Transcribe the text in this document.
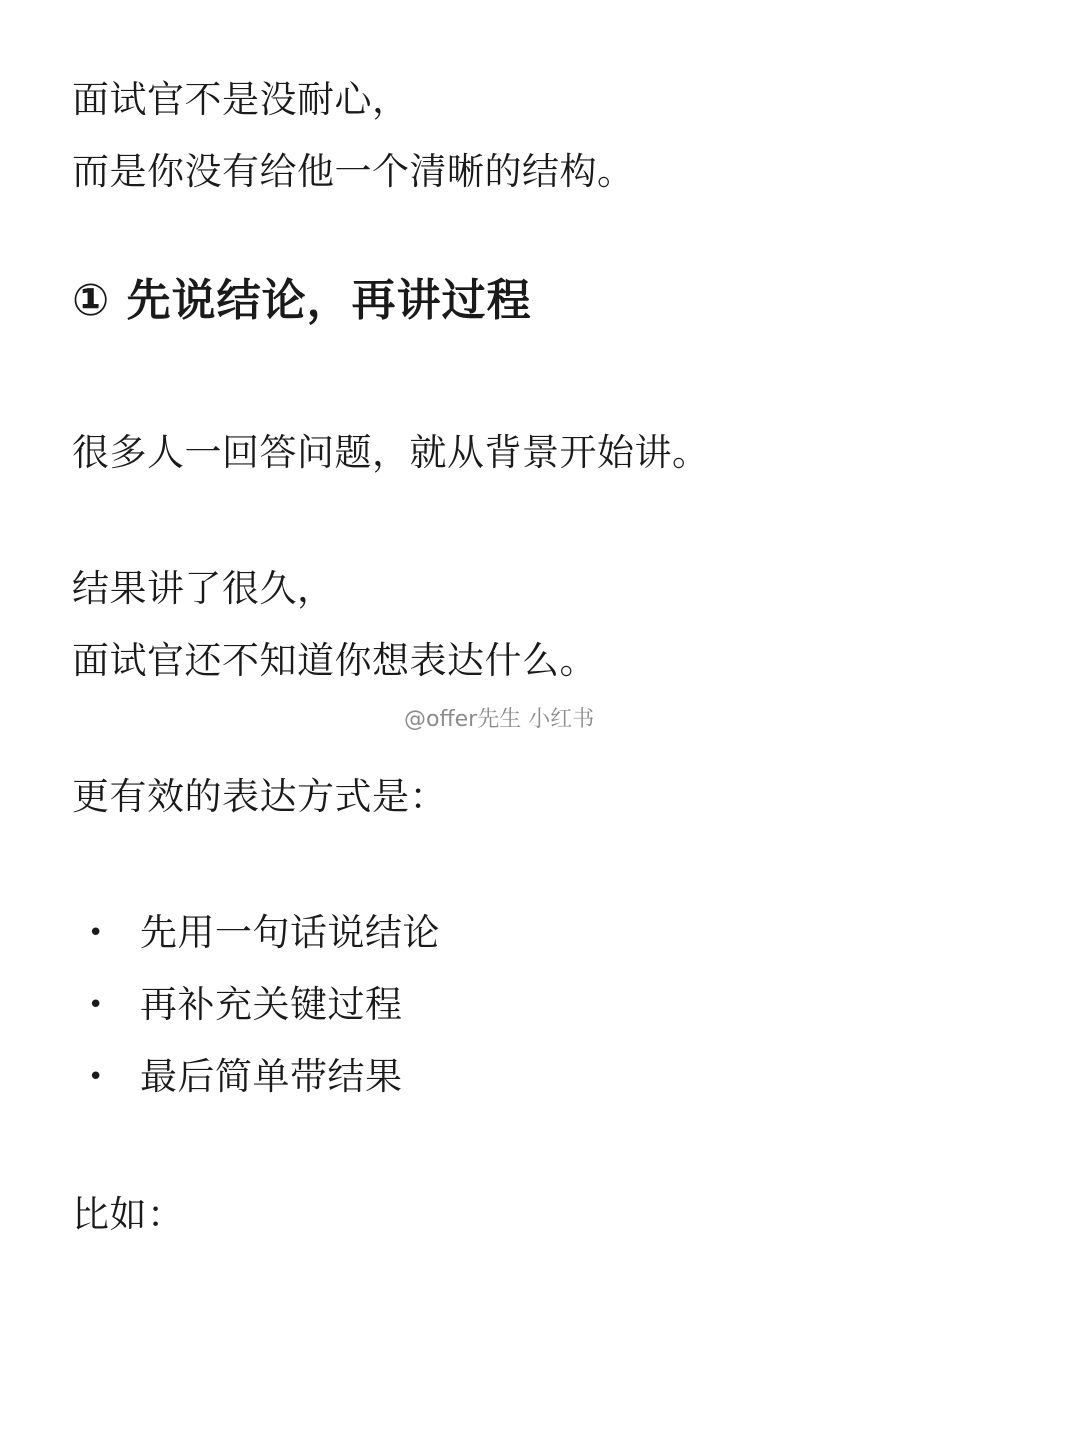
面试官不是没耐心，
而是你没有给他一个清晰的结构。
① 先说结论，再讲过程
很多人一回答问题，就从背景开始讲。
结果讲了很久，
面试官还不知道你想表达什么。
@offer先生 小红书
更有效的表达方式是：
• 先用一句话说结论
• 再补充关键过程
• 最后简单带结果
比如：
